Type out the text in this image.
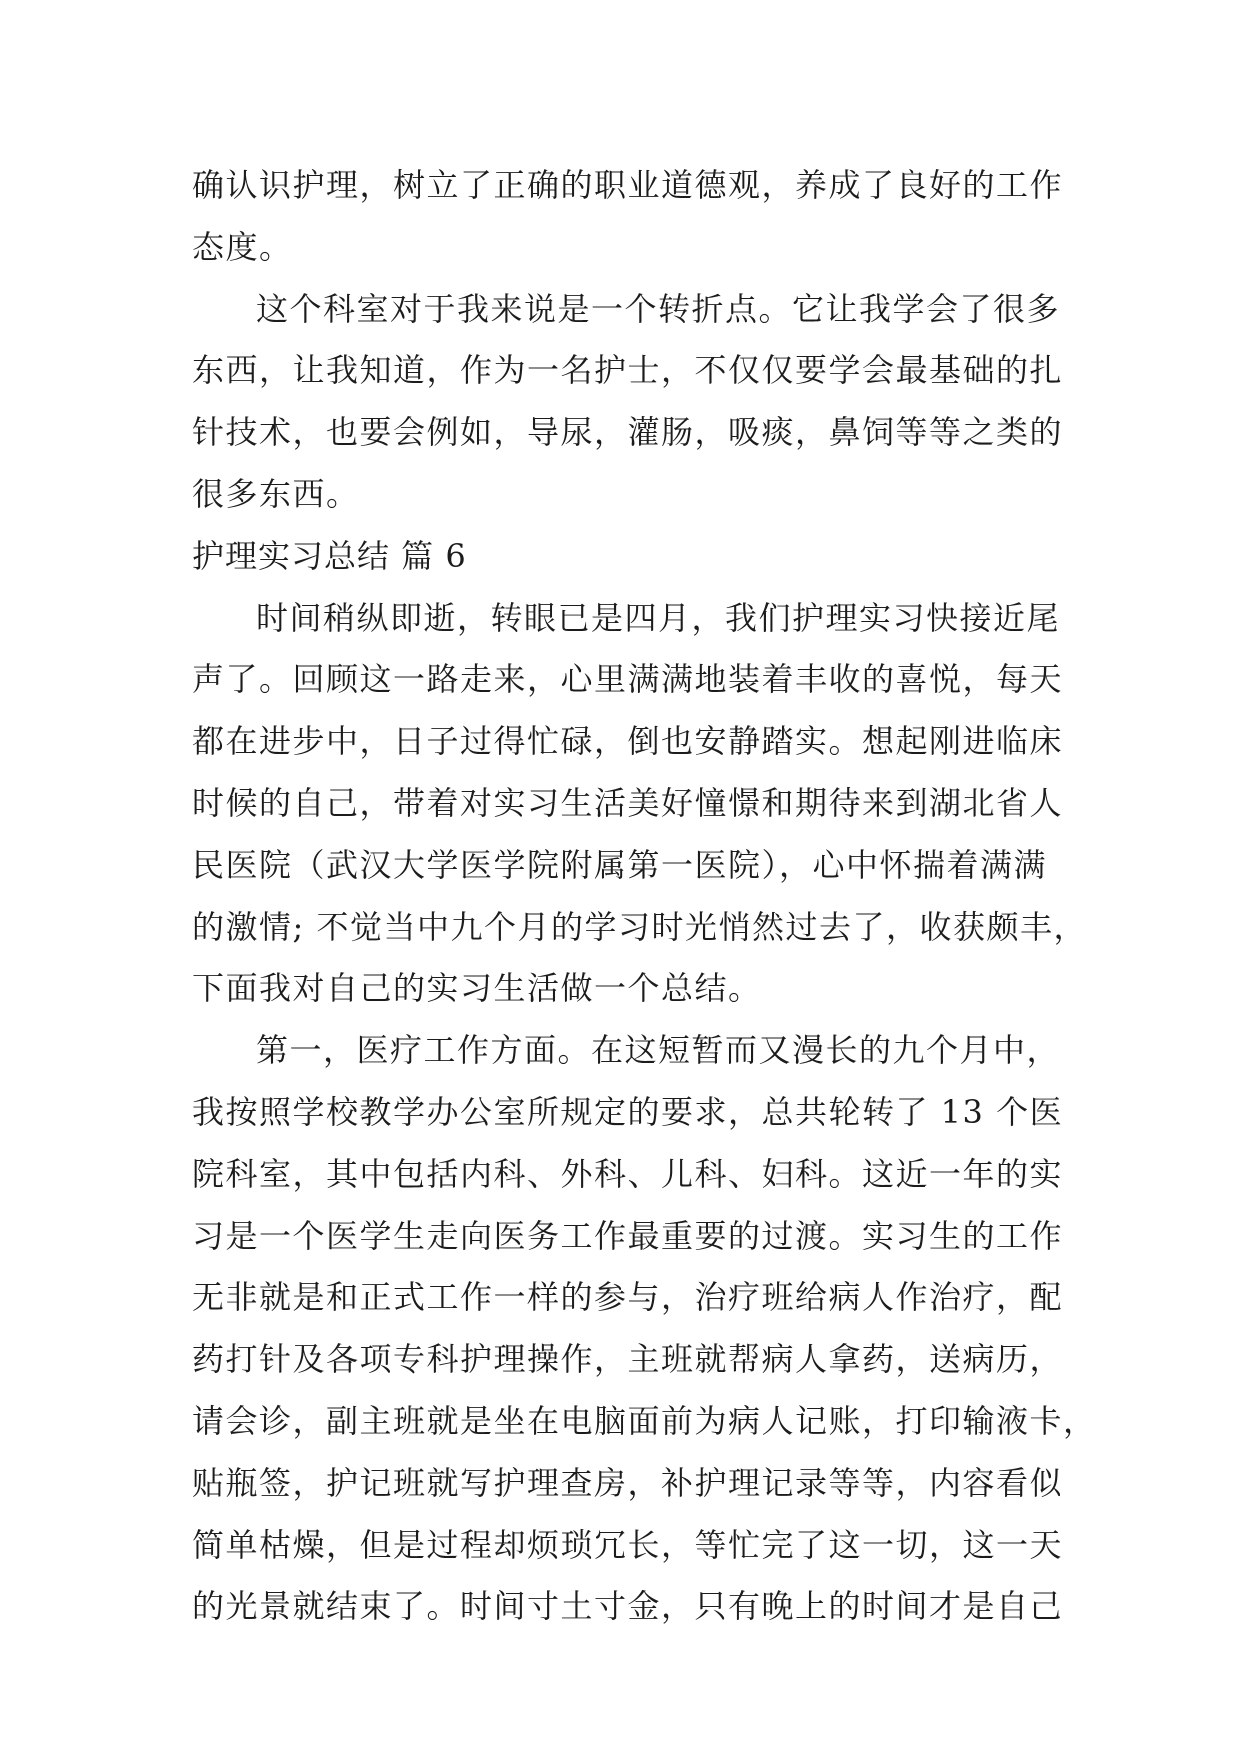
确认识护理，树立了正确的职业道德观，养成了良好的工作
态度。
这个科室对于我来说是一个转折点。它让我学会了很多
东西，让我知道，作为一名护士，不仅仅要学会最基础的扎
针技术，也要会例如，导尿，灌肠，吸痰，鼻饲等等之类的
很多东西。
护理实习总结 篇 6
时间稍纵即逝，转眼已是四月，我们护理实习快接近尾
声了。回顾这一路走来，心里满满地装着丰收的喜悦，每天
都在进步中，日子过得忙碌，倒也安静踏实。想起刚进临床
时候的自己，带着对实习生活美好憧憬和期待来到湖北省人
民医院（武汉大学医学院附属第一医院），心中怀揣着满满
的激情; 不觉当中九个月的学习时光悄然过去了，收获颇丰，
下面我对自己的实习生活做一个总结。
第一，医疗工作方面。在这短暂而又漫长的九个月中，
我按照学校教学办公室所规定的要求，总共轮转了 13 个医
院科室，其中包括内科、外科、儿科、妇科。这近一年的实
习是一个医学生走向医务工作最重要的过渡。实习生的工作
无非就是和正式工作一样的参与，治疗班给病人作治疗，配
药打针及各项专科护理操作，主班就帮病人拿药，送病历，
请会诊，副主班就是坐在电脑面前为病人记账，打印输液卡，
贴瓶签，护记班就写护理查房，补护理记录等等，内容看似
简单枯燥，但是过程却烦琐冗长，等忙完了这一切，这一天
的光景就结束了。时间寸土寸金，只有晚上的时间才是自己
